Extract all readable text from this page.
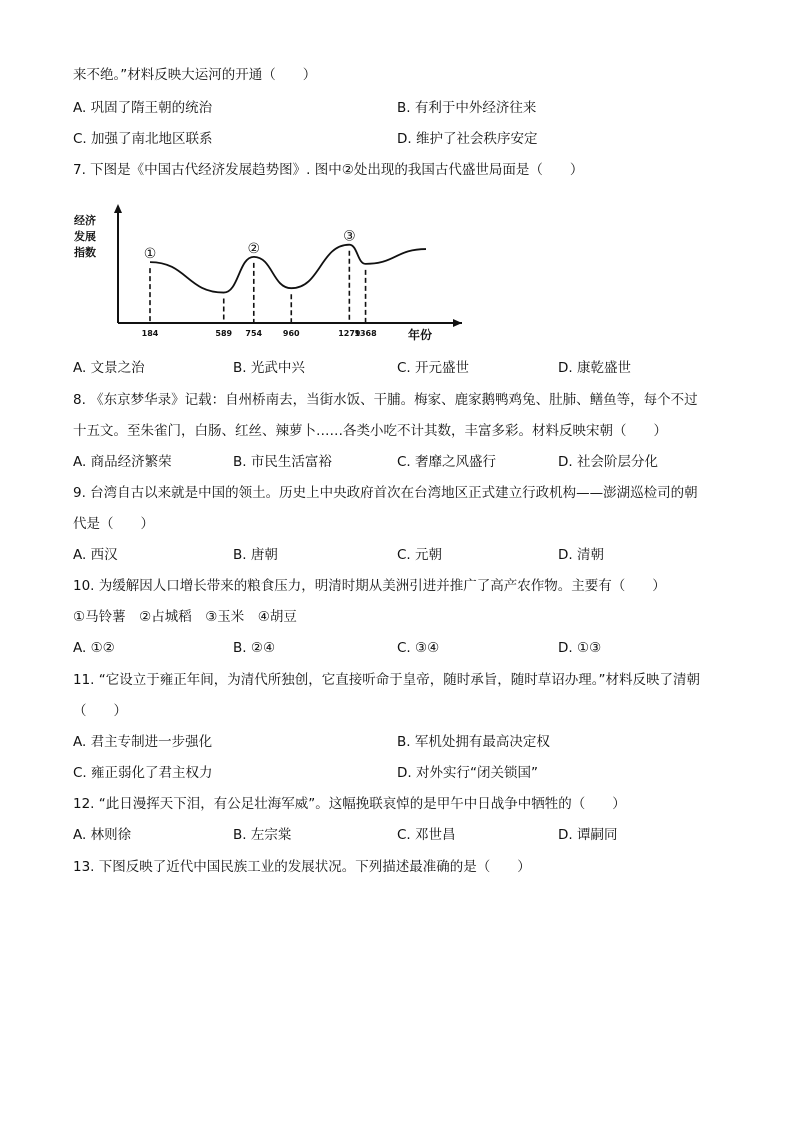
来不绝。”材料反映大运河的开通（　　）
A. 巩固了隋王朝的统治	B. 有利于中外经济往来
C. 加强了南北地区联系	D. 维护了社会秩序安定
7. 下图是《中国古代经济发展趋势图》. 图中②处出现的我国古代盛世局面是（　　）
经济
发展
指数
年份
184	589 754	960	1279
1368
①	②
③
A. 文景之治	B. 光武中兴	C. 开元盛世	D. 康乾盛世
8. 《东京梦华录》记载：自州桥南去，当街水饭、干脯。梅家、鹿家鹅鸭鸡兔、肚肺、鳝鱼等，每个不过
十五文。至朱雀门，白肠、红丝、辣萝卜……各类小吃不计其数，丰富多彩。材料反映宋朝（　　）
A. 商品经济繁荣	B. 市民生活富裕	C. 奢靡之风盛行	D. 社会阶层分化
9. 台湾自古以来就是中国的领土。历史上中央政府首次在台湾地区正式建立行政机构——澎湖巡检司的朝
代是（　　）
A. 西汉	B. 唐朝	C. 元朝	D. 清朝
10. 为缓解因人口增长带来的粮食压力，明清时期从美洲引进并推广了高产农作物。主要有（　　）
①马铃薯　②占城稻　③玉米　④胡豆
A. ①②	B. ②④	C. ③④	D. ①③
11. “它设立于雍正年间，为清代所独创，它直接听命于皇帝，随时承旨，随时草诏办理。”材料反映了清朝
（　　）
A. 君主专制进一步强化	B. 军机处拥有最高决定权
C. 雍正弱化了君主权力	D. 对外实行“闭关锁国”
12. “此日漫挥天下泪，有公足壮海军威”。这幅挽联哀悼的是甲午中日战争中牺牲的（　　）
A. 林则徐	B. 左宗棠	C. 邓世昌	D. 谭嗣同
13. 下图反映了近代中国民族工业的发展状况。下列描述最准确的是（　　）
